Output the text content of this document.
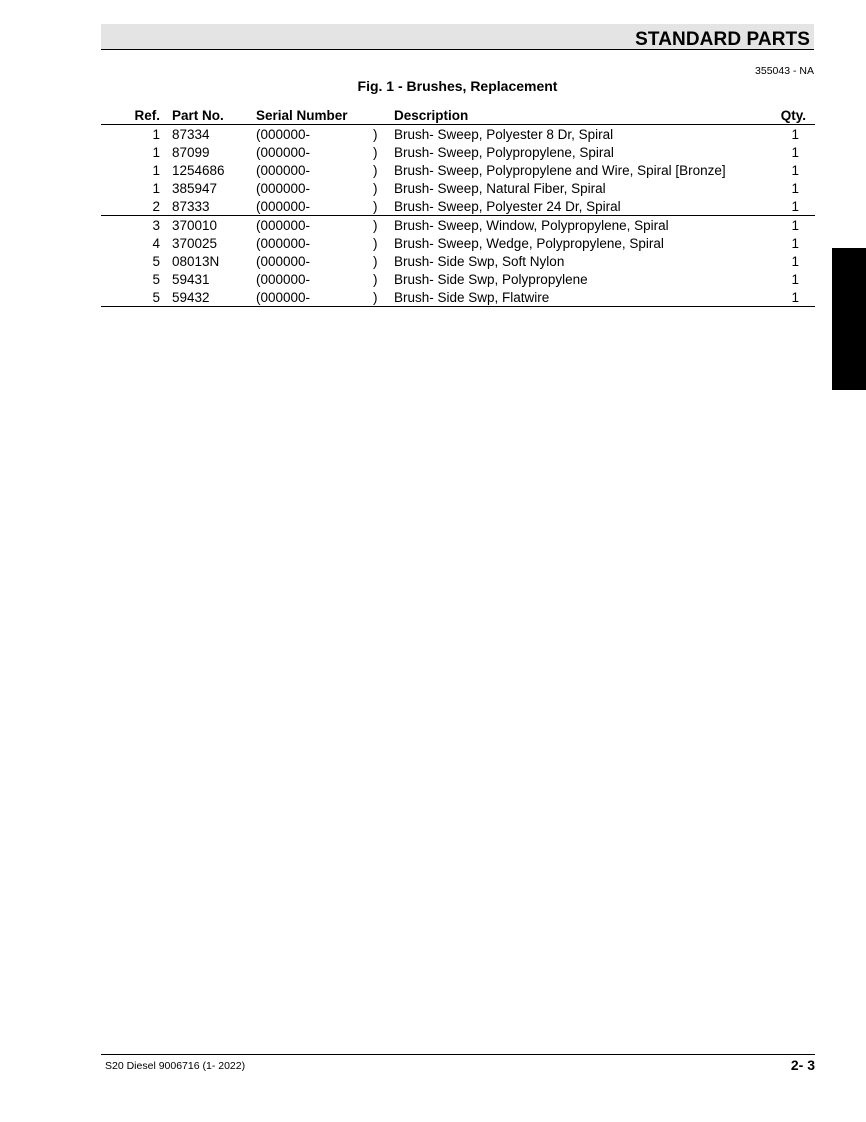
STANDARD PARTS
355043 - NA
Fig. 1 - Brushes, Replacement
Ref.	Part No.	Serial Number		Description	Qty.
1	87334	(000000-	)	Brush- Sweep, Polyester 8 Dr, Spiral	1
1	87099	(000000-	)	Brush- Sweep, Polypropylene, Spiral	1
1	1254686	(000000-	)	Brush- Sweep, Polypropylene and Wire, Spiral [Bronze]	1
1	385947	(000000-	)	Brush- Sweep, Natural Fiber, Spiral	1
2	87333	(000000-	)	Brush- Sweep, Polyester 24 Dr, Spiral	1
3	370010	(000000-	)	Brush- Sweep, Window, Polypropylene, Spiral	1
4	370025	(000000-	)	Brush- Sweep, Wedge, Polypropylene, Spiral	1
5	08013N	(000000-	)	Brush- Side Swp, Soft Nylon	1
5	59431	(000000-	)	Brush- Side Swp, Polypropylene	1
5	59432	(000000-	)	Brush- Side Swp, Flatwire	1
S20 Diesel 9006716 (1- 2022)	2- 3
